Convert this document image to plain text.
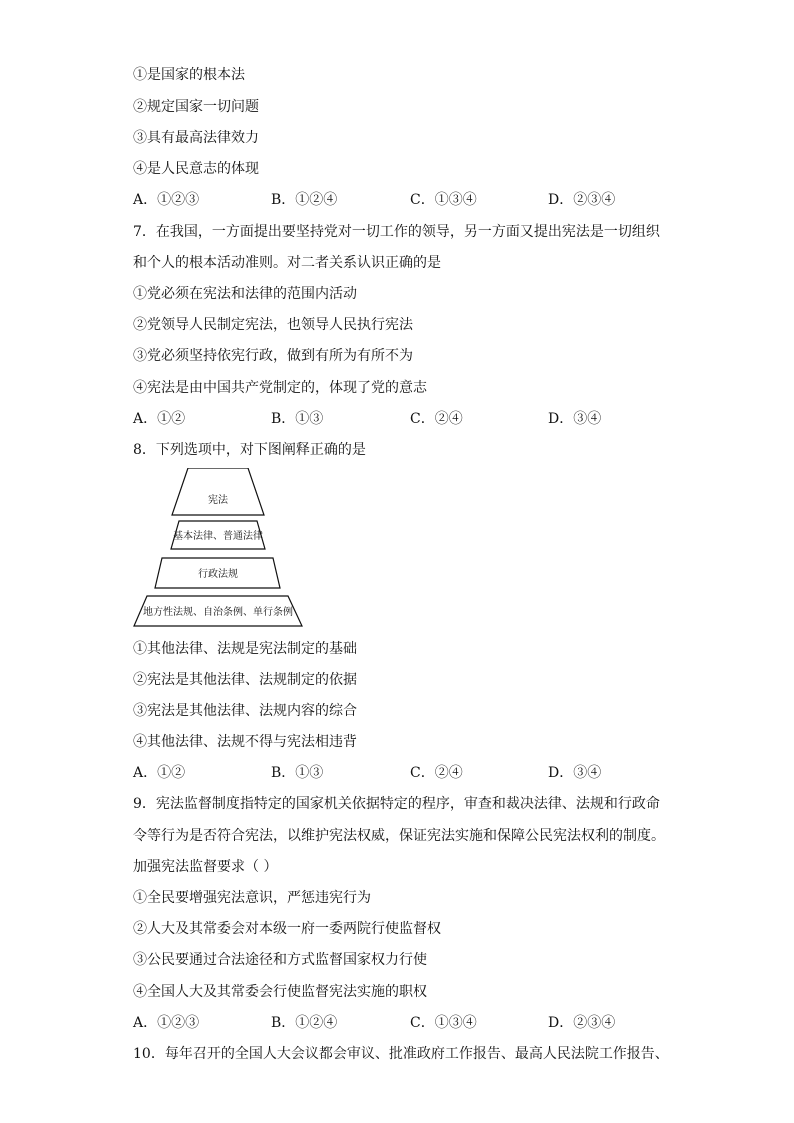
①是国家的根本法
②规定国家一切问题
③具有最高法律效力
④是人民意志的体现
A．①②③	B．①②④	C．①③④	D．②③④
7．在我国，一方面提出要坚持党对一切工作的领导，另一方面又提出宪法是一切组织
和个人的根本活动准则。对二者关系认识正确的是
①党必须在宪法和法律的范围内活动
②党领导人民制定宪法，也领导人民执行宪法
③党必须坚持依宪行政，做到有所为有所不为
④宪法是由中国共产党制定的，体现了党的意志
A．①②	B．①③	C．②④	D．③④
8．下列选项中，对下图阐释正确的是
宪法
基本法律、普通法律
行政法规
地方性法规、自治条例、单行条例
①其他法律、法规是宪法制定的基础
②宪法是其他法律、法规制定的依据
③宪法是其他法律、法规内容的综合
④其他法律、法规不得与宪法相违背
A．①②	B．①③	C．②④	D．③④
9．宪法监督制度指特定的国家机关依据特定的程序，审查和裁决法律、法规和行政命
令等行为是否符合宪法，以维护宪法权威，保证宪法实施和保障公民宪法权利的制度。
加强宪法监督要求（ ）
①全民要增强宪法意识，严惩违宪行为
②人大及其常委会对本级一府一委两院行使监督权
③公民要通过合法途径和方式监督国家权力行使
④全国人大及其常委会行使监督宪法实施的职权
A．①②③	B．①②④	C．①③④	D．②③④
10．每年召开的全国人大会议都会审议、批准政府工作报告、最高人民法院工作报告、
